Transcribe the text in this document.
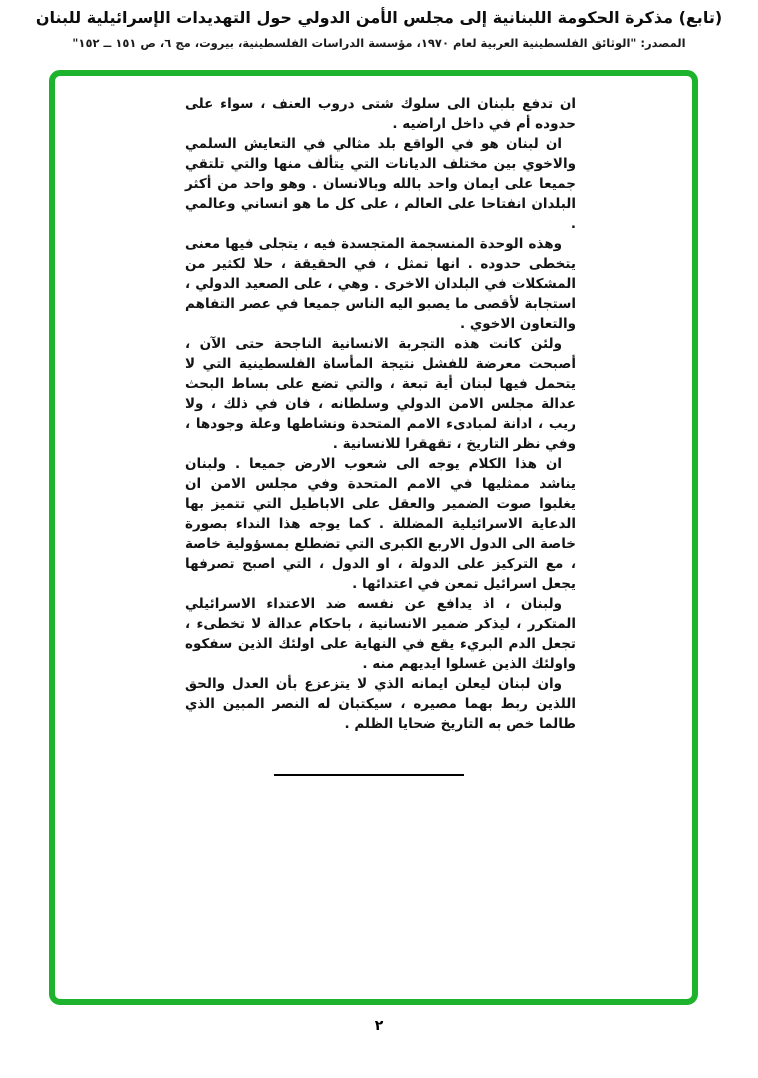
(تابع) مذكرة الحكومة اللبنانية إلى مجلس الأمن الدولي حول التهديدات الإسرائيلية للبنان
المصدر: "الوثائق الفلسطينية العربية لعام ١٩٧٠، مؤسسة الدراسات الفلسطينية، بيروت، مج ٦، ص ١٥١ ــ ١٥٢"

ان تدفع بلبنان الى سلوك شتى دروب العنف ، سواء على حدوده أم في داخل اراضيه .

ان لبنان هو في الواقع بلد مثالي في التعايش السلمي والاخوي بين مختلف الديانات التي يتألف منها والتي تلتقي جميعا على ايمان واحد بالله وبالانسان . وهو واحد من أكثر البلدان انفتاحا على العالم ، على كل ما هو انساني وعالمي .

وهذه الوحدة المنسجمة المتجسدة فيه ، يتجلى فيها معنى يتخطى حدوده . انها تمثل ، في الحقيقة ، حلا لكثير من المشكلات في البلدان الاخرى . وهي ، على الصعيد الدولي ، استجابة لأقصى ما يصبو اليه الناس جميعا في عصر التفاهم والتعاون الاخوي .

ولئن كانت هذه التجربة الانسانية الناجحة حتى الآن ، أصبحت معرضة للفشل نتيجة المأساة الفلسطينية التي لا يتحمل فيها لبنان أية تبعة ، والتي تضع على بساط البحث عدالة مجلس الامن الدولي وسلطانه ، فان في ذلك ، ولا ريب ، ادانة لمبادىء الامم المتحدة ونشاطها وعلة وجودها ، وفي نظر التاريخ ، تقهقرا للانسانية .

ان هذا الكلام يوجه الى شعوب الارض جميعا . ولبنان يناشد ممثليها في الامم المتحدة وفي مجلس الامن ان يغلبوا صوت الضمير والعقل على الاباطيل التي تتميز بها الدعاية الاسرائيلية المضللة . كما يوجه هذا النداء بصورة خاصة الى الدول الاربع الكبرى التي تضطلع بمسؤولية خاصة ، مع التركيز على الدولة ، او الدول ، التي اصبح تصرفها يجعل اسرائيل تمعن في اعتدائها .

ولبنان ، اذ يدافع عن نفسه ضد الاعتداء الاسرائيلي المتكرر ، ليذكر ضمير الانسانية ، باحكام عدالة لا تخطىء ، تجعل الدم البريء يقع في النهاية على اولئك الذين سفكوه واولئك الذين غسلوا ايديهم منه .

وان لبنان ليعلن ايمانه الذي لا يتزعزع بأن العدل والحق اللذين ربط بهما مصيره ، سيكتبان له النصر المبين الذي طالما خص به التاريخ ضحايا الظلم .

٢
